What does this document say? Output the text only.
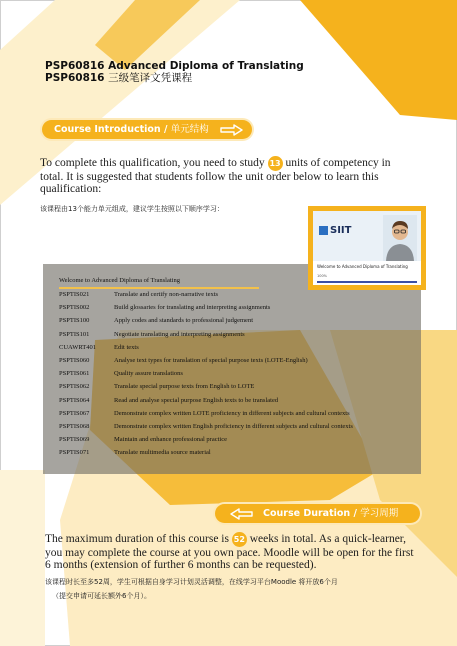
PSP60816 Advanced Diploma of Translating
PSP60816 三级笔译文凭课程
Course Introduction / 单元结构
To complete this qualification, you need to study 13 units of competency in total. It is suggested that students follow the unit order below to learn this qualification:
该课程由13个能力单元组成，建议学生按照以下顺序学习：
Welcome to Advanced Diploma of Translating
PSPTIS021	Translate and certify non-narrative texts
PSPTIS002	Build glossaries for translating and interpreting assignments
PSPTIS100	Apply codes and standards to professional judgement
PSPTIS101	Negotiate translating and interpreting assignments
CUAWRT401	Edit texts
PSPTIS060	Analyse text types for translation of special purpose texts (LOTE-English)
PSPTIS061	Quality assure translations
PSPTIS062	Translate special purpose texts from English to LOTE
PSPTIS064	Read and analyse special purpose English texts to be translated
PSPTIS067	Demonstrate complex written LOTE proficiency in different subjects and cultural contexts
PSPTIS068	Demonstrate complex written English proficiency in different subjects and cultural contexts
PSPTIS069	Maintain and enhance professional practice
PSPTIS071	Translate multimedia source material
SIIT
Welcome to Advanced Diploma of Translating
100%
Course Duration / 学习周期
The maximum duration of this course is 52 weeks in total. As a quick-learner, you may complete the course at you own pace. Moodle will be open for the first 6 months (extension of further 6 months can be requested).
该课程时长至多52周，学生可根据自身学习计划灵活调整，在线学习平台Moodle 将开放6个月
（提交申请可延长额外6个月）。
